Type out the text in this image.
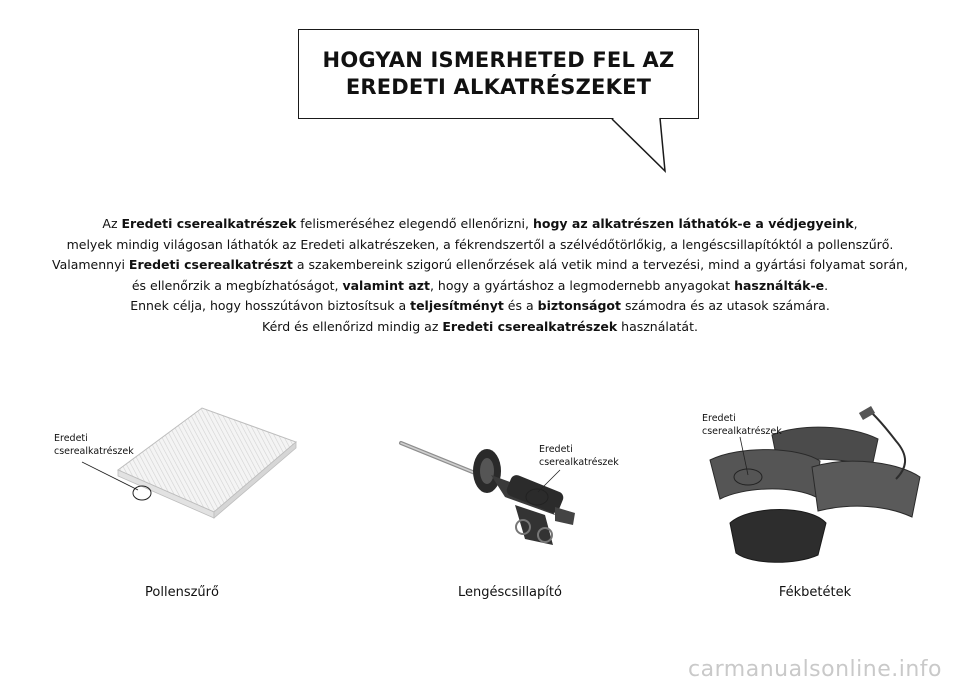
HOGYAN ISMERHETED FEL AZ
EREDETI ALKATRÉSZEKET
Az Eredeti cserealkatrészek felismeréséhez elegendő ellenőrizni, hogy az alkatrészen láthatók-e a védjegyeink,
melyek mindig világosan láthatók az Eredeti alkatrészeken, a fékrendszertől a szélvédőtörlőkig, a lengéscsillapítóktól a pollenszűrő.
Valamennyi Eredeti cserealkatrészt a szakembereink szigorú ellenőrzések alá vetik mind a tervezési, mind a gyártási folyamat során,
és ellenőrzik a megbízhatóságot, valamint azt, hogy a gyártáshoz a legmodernebb anyagokat használták-e.
Ennek célja, hogy hosszútávon biztosítsuk a teljesítményt és a biztonságot számodra és az utasok számára.
Kérd és ellenőrizd mindig az Eredeti cserealkatrészek használatát.
Eredeti
cserealkatrészek
Pollenszűrő
Eredeti
cserealkatrészek
Lengéscsillapító
Eredeti
cserealkatrészek
Fékbetétek
carmanualsonline.info
